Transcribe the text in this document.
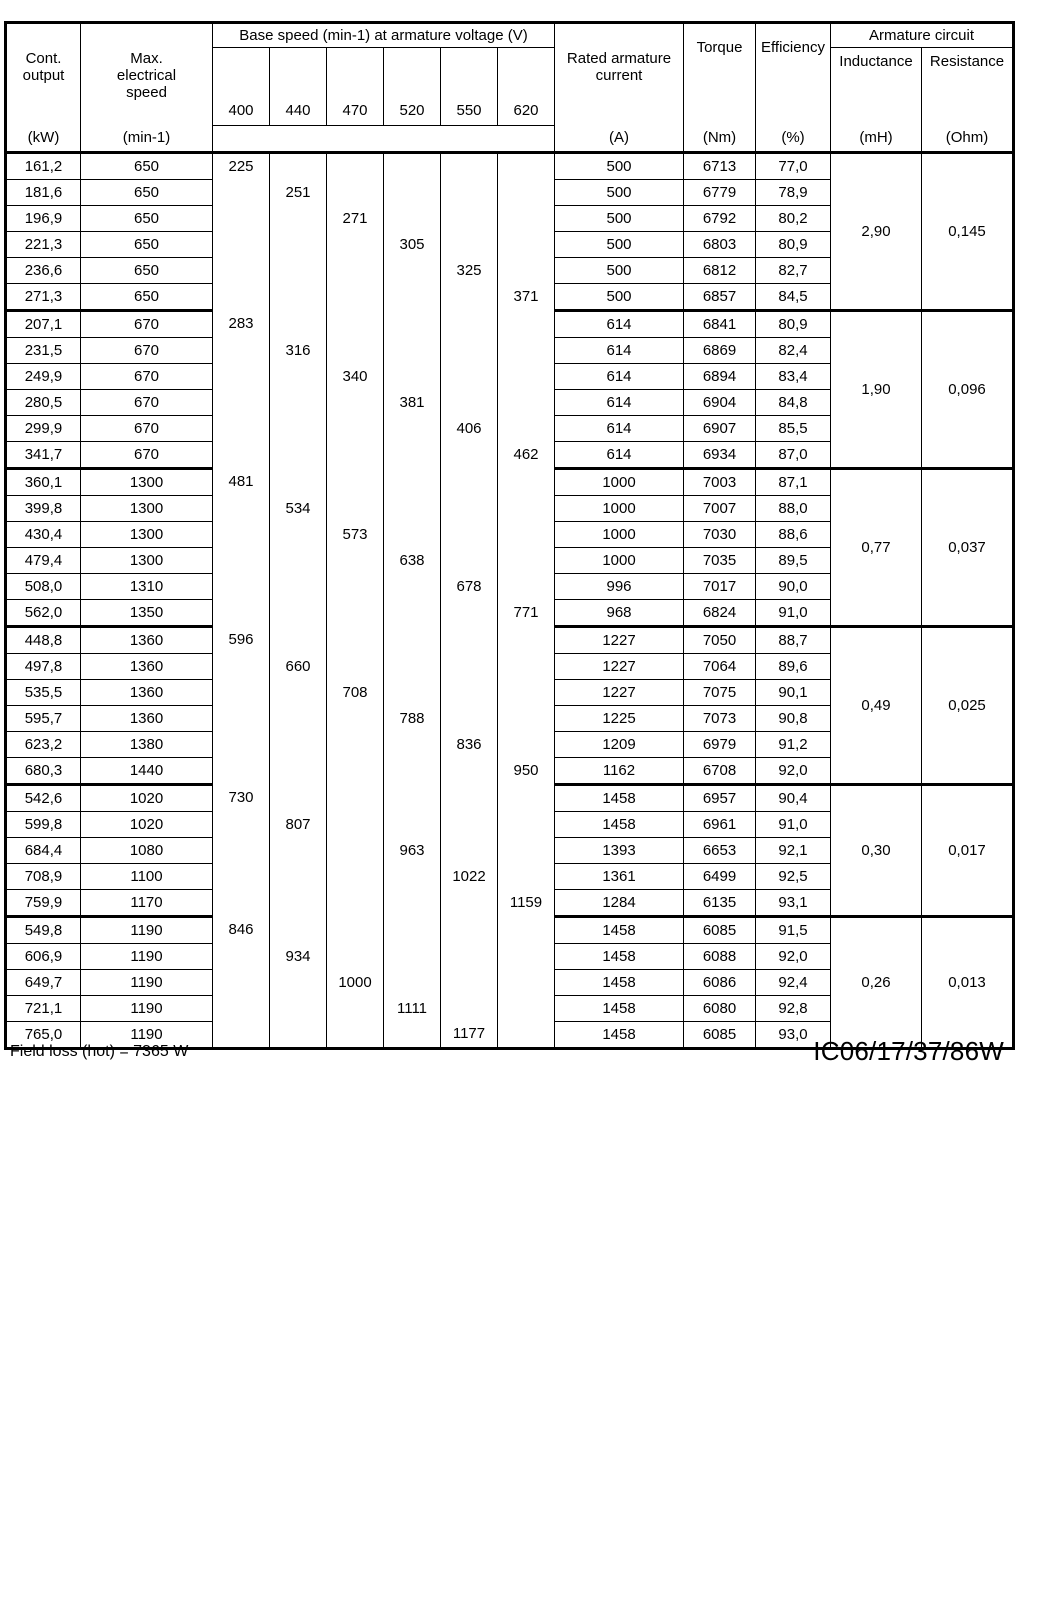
Cont. output	Max. electrical speed	Base speed (min-1) at armature voltage (V)						Rated armature current	Torque	Efficiency	Armature circuit	
											Inductance	Resistance
		400	440	470	520	550	620					
(kW)	(min-1)							(A)	(Nm)	(%)	(mH)	(Ohm)
161,2	650	225						500	6713	77,0	2,90	0,145
181,6	650		251					500	6779	78,9		
196,9	650			271				500	6792	80,2		
221,3	650				305			500	6803	80,9		
236,6	650					325		500	6812	82,7		
271,3	650						371	500	6857	84,5		
207,1	670	283						614	6841	80,9	1,90	0,096
231,5	670		316					614	6869	82,4		
249,9	670			340				614	6894	83,4		
280,5	670				381			614	6904	84,8		
299,9	670					406		614	6907	85,5		
341,7	670						462	614	6934	87,0		
360,1	1300	481						1000	7003	87,1	0,77	0,037
399,8	1300		534					1000	7007	88,0		
430,4	1300			573				1000	7030	88,6		
479,4	1300				638			1000	7035	89,5		
508,0	1310					678		996	7017	90,0		
562,0	1350						771	968	6824	91,0		
448,8	1360	596						1227	7050	88,7	0,49	0,025
497,8	1360		660					1227	7064	89,6		
535,5	1360			708				1227	7075	90,1		
595,7	1360				788			1225	7073	90,8		
623,2	1380					836		1209	6979	91,2		
680,3	1440						950	1162	6708	92,0		
542,6	1020	730						1458	6957	90,4	0,30	0,017
599,8	1020		807					1458	6961	91,0		
684,4	1080				963			1393	6653	92,1		
708,9	1100					1022		1361	6499	92,5		
759,9	1170						1159	1284	6135	93,1		
549,8	1190	846						1458	6085	91,5	0,26	0,013
606,9	1190		934					1458	6088	92,0		
649,7	1190			1000				1458	6086	92,4		
721,1	1190				1111			1458	6080	92,8		
765,0	1190					1177		1458	6085	93,0		
Field loss (hot) = 7365 W	IC06/17/37/86W
